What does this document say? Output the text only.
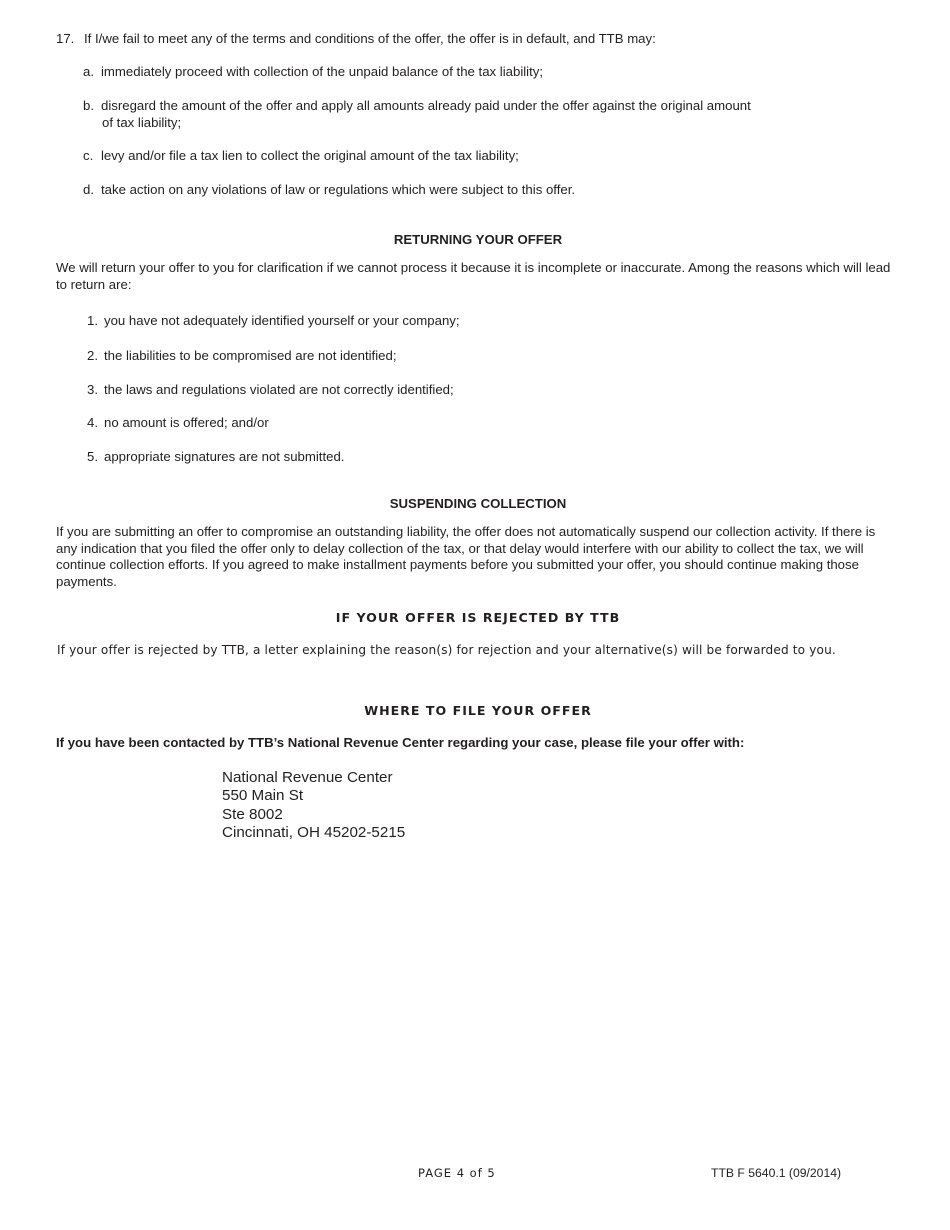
17. If I/we fail to meet any of the terms and conditions of the offer, the offer is in default, and TTB may:

a. immediately proceed with collection of the unpaid balance of the tax liability;

b. disregard the amount of the offer and apply all amounts already paid under the offer against the original amount
of tax liability;

c. levy and/or file a tax lien to collect the original amount of the tax liability;

d. take action on any violations of law or regulations which were subject to this offer.

RETURNING YOUR OFFER

We will return your offer to you for clarification if we cannot process it because it is incomplete or inaccurate. Among the reasons which will lead to return are:

1. you have not adequately identified yourself or your company;

2. the liabilities to be compromised are not identified;

3. the laws and regulations violated are not correctly identified;

4. no amount is offered; and/or

5. appropriate signatures are not submitted.

SUSPENDING COLLECTION

If you are submitting an offer to compromise an outstanding liability, the offer does not automatically suspend our collection activity. If there is any indication that you filed the offer only to delay collection of the tax, or that delay would interfere with our ability to collect the tax, we will continue collection efforts. If you agreed to make installment payments before you submitted your offer, you should continue making those payments.

IF YOUR OFFER IS REJECTED BY TTB

If your offer is rejected by TTB, a letter explaining the reason(s) for rejection and your alternative(s) will be forwarded to you.

WHERE TO FILE YOUR OFFER

If you have been contacted by TTB’s National Revenue Center regarding your case, please file your offer with:

National Revenue Center
550 Main St
Ste 8002
Cincinnati, OH 45202-5215
PAGE 4 of 5	TTB F 5640.1 (09/2014)
